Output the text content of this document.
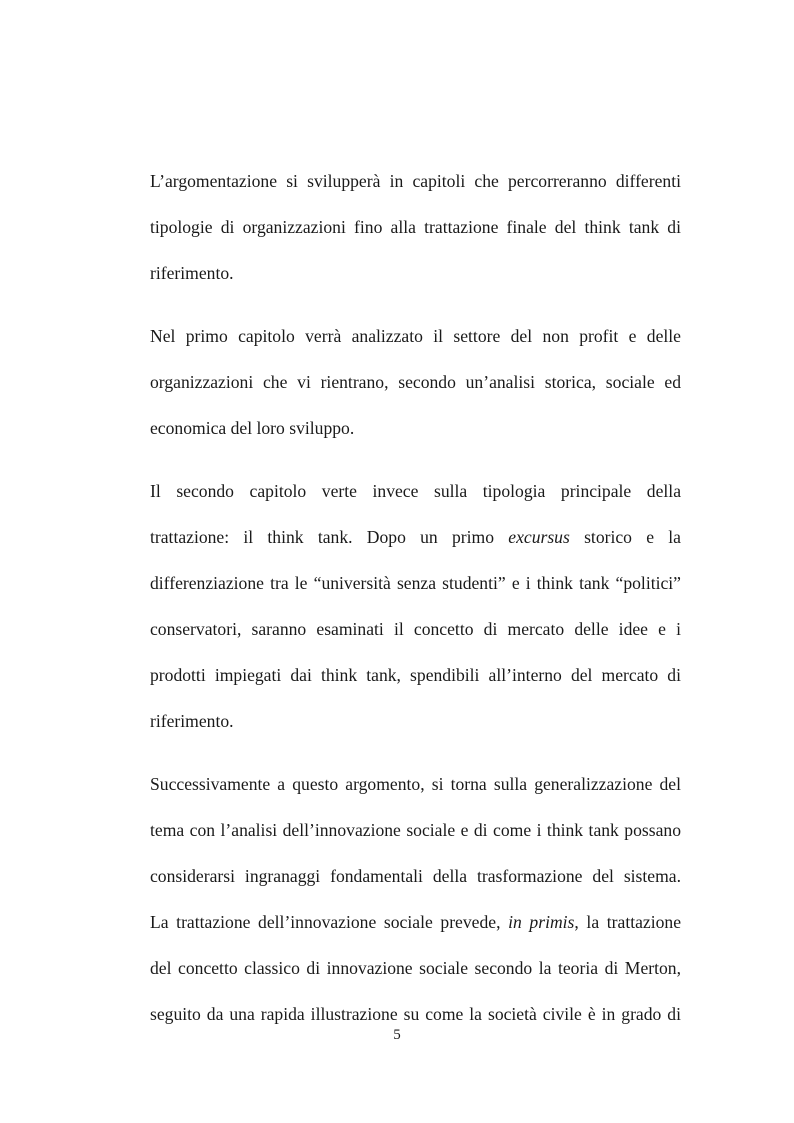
L’argomentazione si svilupperà in capitoli che percorreranno differenti
tipologie di organizzazioni fino alla trattazione finale del think tank di
riferimento.

Nel primo capitolo verrà analizzato il settore del non profit e delle
organizzazioni che vi rientrano, secondo un’analisi storica, sociale ed
economica del loro sviluppo.

Il secondo capitolo verte invece sulla tipologia principale della
trattazione: il think tank. Dopo un primo excursus storico e la
differenziazione tra le “università senza studenti” e i think tank “politici”
conservatori, saranno esaminati il concetto di mercato delle idee e i
prodotti impiegati dai think tank, spendibili all’interno del mercato di
riferimento.

Successivamente a questo argomento, si torna sulla generalizzazione del
tema con l’analisi dell’innovazione sociale e di come i think tank possano
considerarsi ingranaggi fondamentali della trasformazione del sistema.
La trattazione dell’innovazione sociale prevede, in primis, la trattazione
del concetto classico di innovazione sociale secondo la teoria di Merton,
seguito da una rapida illustrazione su come la società civile è in grado di

5
